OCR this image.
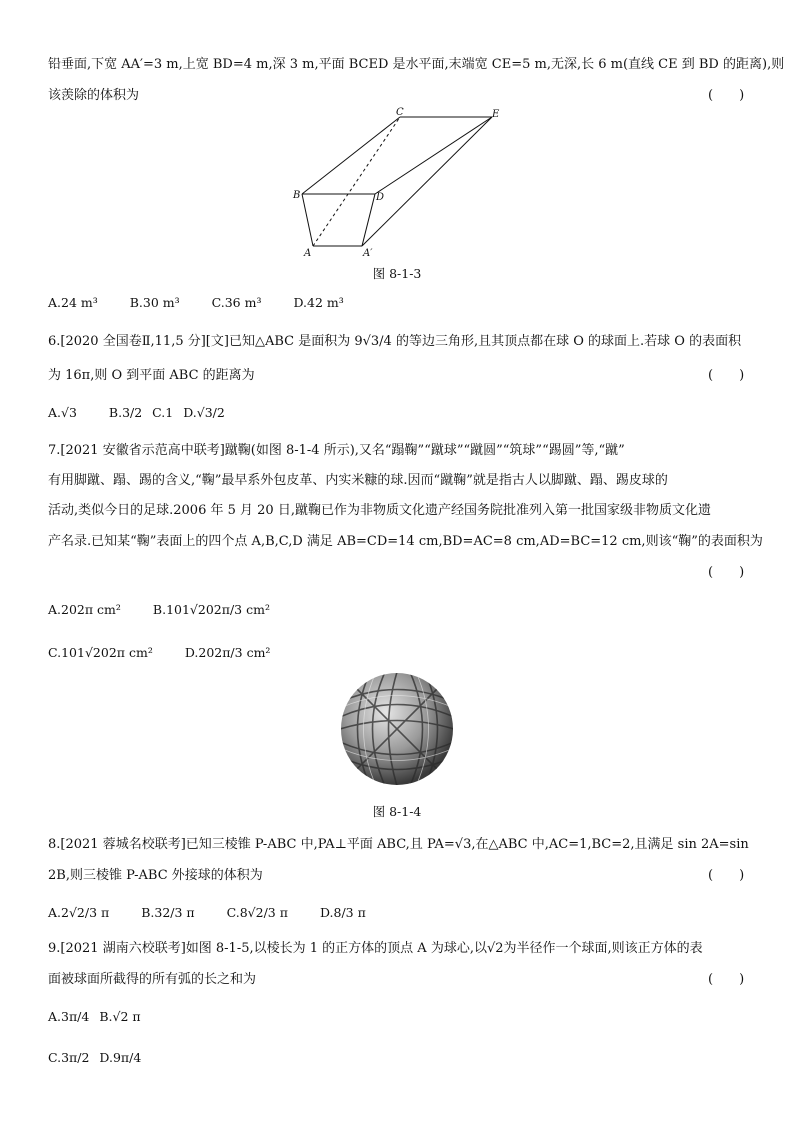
铅垂面,下宽 AA′=3 m,上宽 BD=4 m,深 3 m,平面 BCED 是水平面,末端宽 CE=5 m,无深,长 6 m(直线 CE 到 BD 的距离),则
该羡除的体积为	(　　)
C	E
B	D
A	A′
图 8-1-3
A.24 m³	B.30 m³	C.36 m³	D.42 m³
6.[2020 全国卷Ⅱ,11,5 分][文]已知△ABC 是面积为 9√3/4 的等边三角形,且其顶点都在球 O 的球面上.若球 O 的表面积
为 16π,则 O 到平面 ABC 的距离为	(　　)
A.√3	B.3/2 C.1 D.√3/2
7.[2021 安徽省示范高中联考]蹴鞠(如图 8-1-4 所示),又名“蹋鞠”“蹴球”“蹴圆”“筑球”“踢圆”等,“蹴”
有用脚蹴、蹋、踢的含义,“鞠”最早系外包皮革、内实米糠的球.因而“蹴鞠”就是指古人以脚蹴、蹋、踢皮球的
活动,类似今日的足球.2006 年 5 月 20 日,蹴鞠已作为非物质文化遗产经国务院批准列入第一批国家级非物质文化遗
产名录.已知某“鞠”表面上的四个点 A,B,C,D 满足 AB=CD=14 cm,BD=AC=8 cm,AD=BC=12 cm,则该“鞠”的表面积为
(　　)
A.202π cm²	B.101√202π/3 cm²
C.101√202π cm²	D.202π/3 cm²
图 8-1-4
8.[2021 蓉城名校联考]已知三棱锥 P-ABC 中,PA⊥平面 ABC,且 PA=√3,在△ABC 中,AC=1,BC=2,且满足 sin 2A=sin
2B,则三棱锥 P-ABC 外接球的体积为	(　　)
A.2√2/3 π	B.32/3 π	C.8√2/3 π	D.8/3 π
9.[2021 湖南六校联考]如图 8-1-5,以棱长为 1 的正方体的顶点 A 为球心,以√2为半径作一个球面,则该正方体的表
面被球面所截得的所有弧的长之和为	(　　)
A.3π/4 B.√2 π
C.3π/2 D.9π/4
